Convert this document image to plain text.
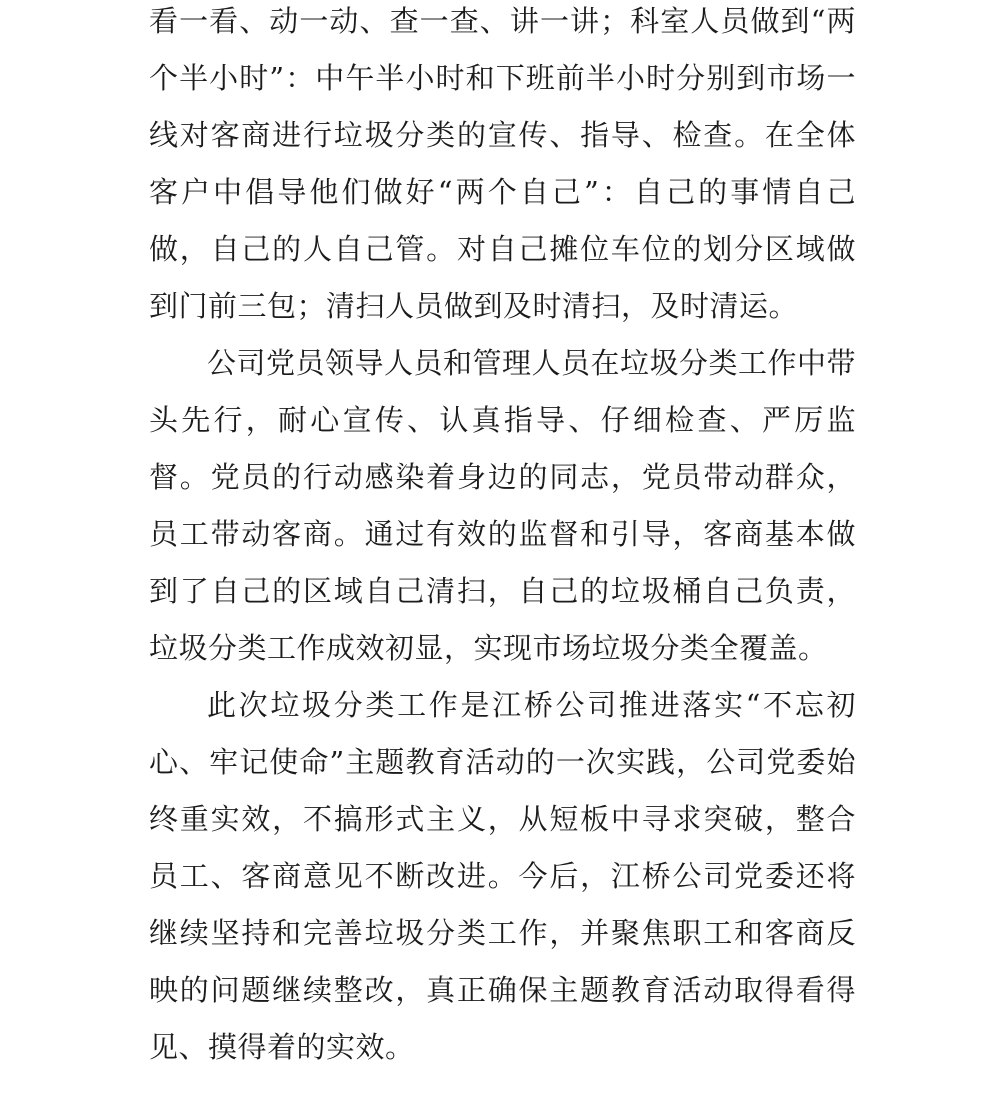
看一看、动一动、查一查、讲一讲；科室人员做到“两个半小时”：中午半小时和下班前半小时分别到市场一线对客商进行垃圾分类的宣传、指导、检查。在全体客户中倡导他们做好“两个自己”：自己的事情自己做，自己的人自己管。对自己摊位车位的划分区域做到门前三包；清扫人员做到及时清扫，及时清运。

公司党员领导人员和管理人员在垃圾分类工作中带头先行，耐心宣传、认真指导、仔细检查、严厉监督。党员的行动感染着身边的同志，党员带动群众，员工带动客商。通过有效的监督和引导，客商基本做到了自己的区域自己清扫，自己的垃圾桶自己负责，垃圾分类工作成效初显，实现市场垃圾分类全覆盖。

此次垃圾分类工作是江桥公司推进落实“不忘初心、牢记使命”主题教育活动的一次实践，公司党委始终重实效，不搞形式主义，从短板中寻求突破，整合员工、客商意见不断改进。今后，江桥公司党委还将继续坚持和完善垃圾分类工作，并聚焦职工和客商反映的问题继续整改，真正确保主题教育活动取得看得见、摸得着的实效。
